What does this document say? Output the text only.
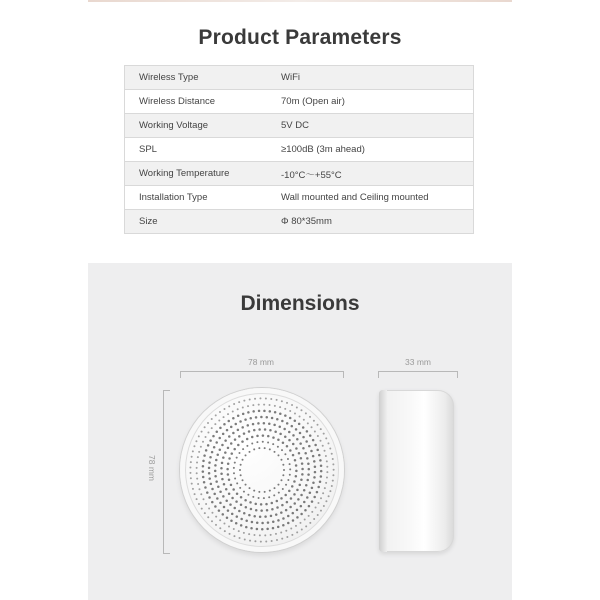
Product Parameters
Wireless Type	WiFi
Wireless Distance	70m (Open air)
Working Voltage	5V DC
SPL	≥100dB (3m ahead)
Working Temperature	-10°C～+55°C
Installation Type	Wall mounted and Ceiling mounted
Size	Φ 80*35mm
Dimensions
78 mm	33 mm
78 mm
